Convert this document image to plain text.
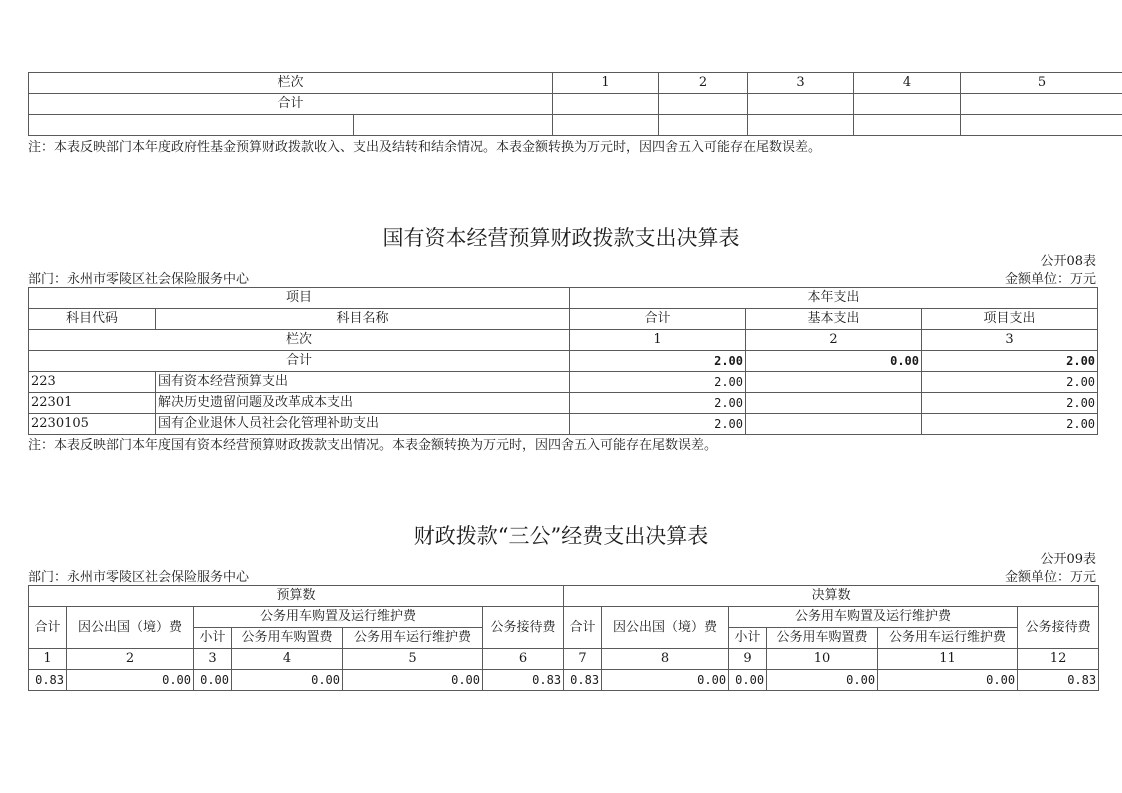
栏次		1	2	3	4	5	
合计							

注：本表反映部门本年度政府性基金预算财政拨款收入、支出及结转和结余情况。本表金额转换为万元时，因四舍五入可能存在尾数误差。
国有资本经营预算财政拨款支出决算表
公开08表
部门：永州市零陵区社会保险服务中心	金额单位：万元
项目		本年支出		
科目代码	科目名称	合计	基本支出	项目支出
栏次		1	2	3
合计		2.00	0.00	2.00
223	国有资本经营预算支出	2.00		2.00
22301	解决历史遗留问题及改革成本支出	2.00		2.00
2230105	国有企业退休人员社会化管理补助支出	2.00		2.00
注：本表反映部门本年度国有资本经营预算财政拨款支出情况。本表金额转换为万元时，因四舍五入可能存在尾数误差。
财政拨款“三公”经费支出决算表
公开09表
部门：永州市零陵区社会保险服务中心	金额单位：万元
预算数						决算数					
合计	因公出国（境）费	公务用车购置及运行维护费			公务接待费	合计	因公出国（境）费	公务用车购置及运行维护费			公务接待费
		小计	公务用车购置费	公务用车运行维护费				小计	公务用车购置费	公务用车运行维护费	
1	2	3	4	5	6	7	8	9	10	11	12
0.83	0.00	0.00	0.00	0.00	0.83	0.83	0.00	0.00	0.00	0.00	0.83
